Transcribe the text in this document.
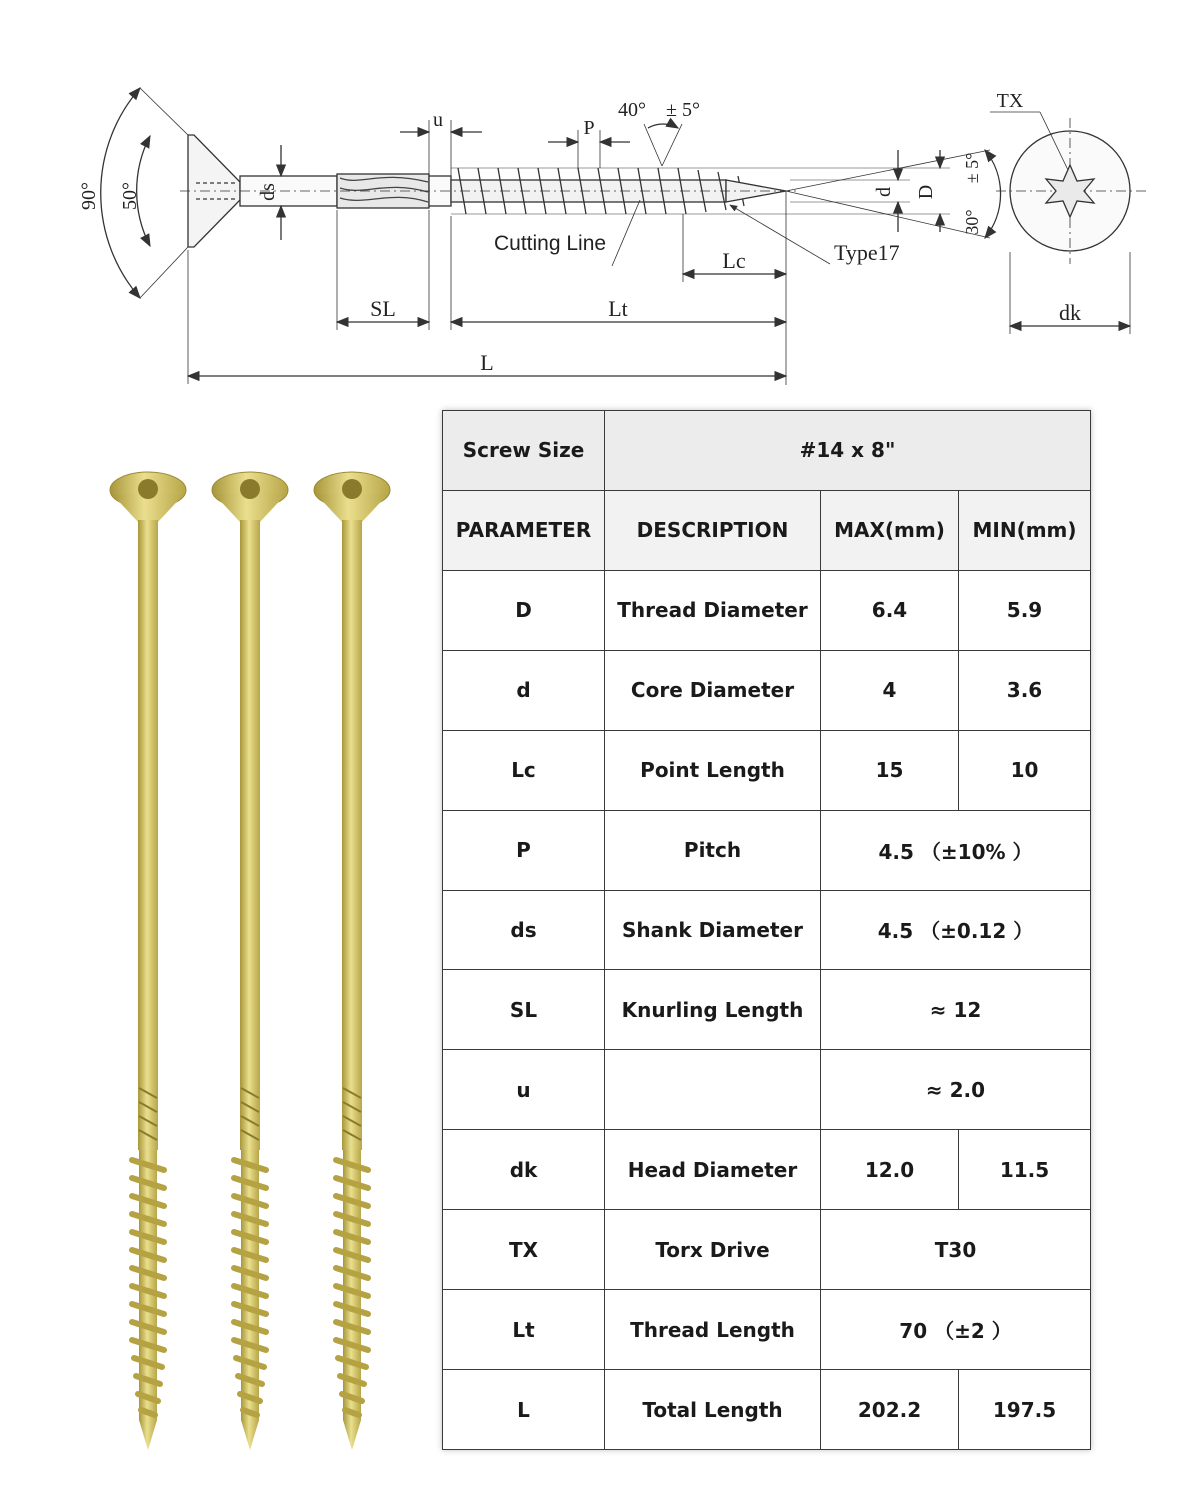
90° 50°	ds
u	P
40° ± 5°
d D
30°
± 5°
Cutting Line
Lc	Type17
SL	Lt
L
TX
dk
Screw Size	#14 x 8"		
PARAMETER	DESCRIPTION	MAX(mm)	MIN(mm)
D	Thread Diameter	6.4	5.9
d	Core Diameter	4	3.6
Lc	Point Length	15	10
P	Pitch	4.5 （±10% ）	
ds	Shank Diameter	4.5 （±0.12 ）	
SL	Knurling Length	≈ 12	
u		≈ 2.0	
dk	Head Diameter	12.0	11.5
TX	Torx Drive	T30	
Lt	Thread Length	70 （±2 ）	
L	Total Length	202.2	197.5
